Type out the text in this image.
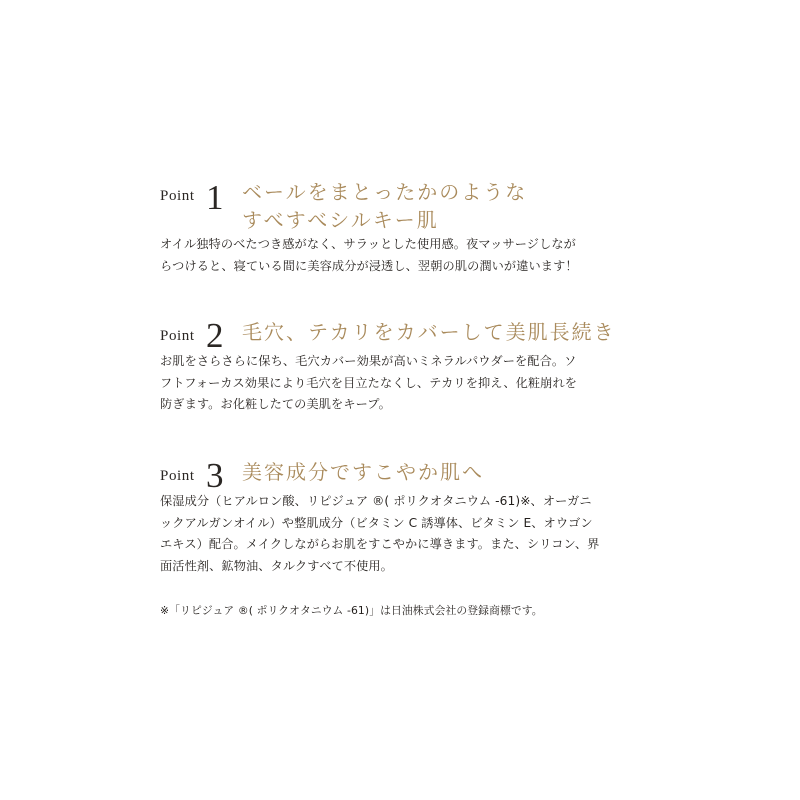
Point 1 ベールをまとったかのような
すべすべシルキー肌
オイル独特のべたつき感がなく、サラッとした使用感。夜マッサージしなが
らつけると、寝ている間に美容成分が浸透し、翌朝の肌の潤いが違います！
Point 2 毛穴、テカリをカバーして美肌長続き
お肌をさらさらに保ち、毛穴カバー効果が高いミネラルパウダーを配合。ソ
フトフォーカス効果により毛穴を目立たなくし、テカリを抑え、化粧崩れを
防ぎます。お化粧したての美肌をキープ。
Point 3 美容成分ですこやか肌へ
保湿成分（ヒアルロン酸、リピジュア ®( ポリクオタニウム -61)※、オーガニ
ックアルガンオイル）や整肌成分（ビタミン C 誘導体、ビタミン E、オウゴン
エキス）配合。メイクしながらお肌をすこやかに導きます。また、シリコン、界
面活性剤、鉱物油、タルクすべて不使用。
※「リピジュア ®( ポリクオタニウム -61)」は日油株式会社の登録商標です。
